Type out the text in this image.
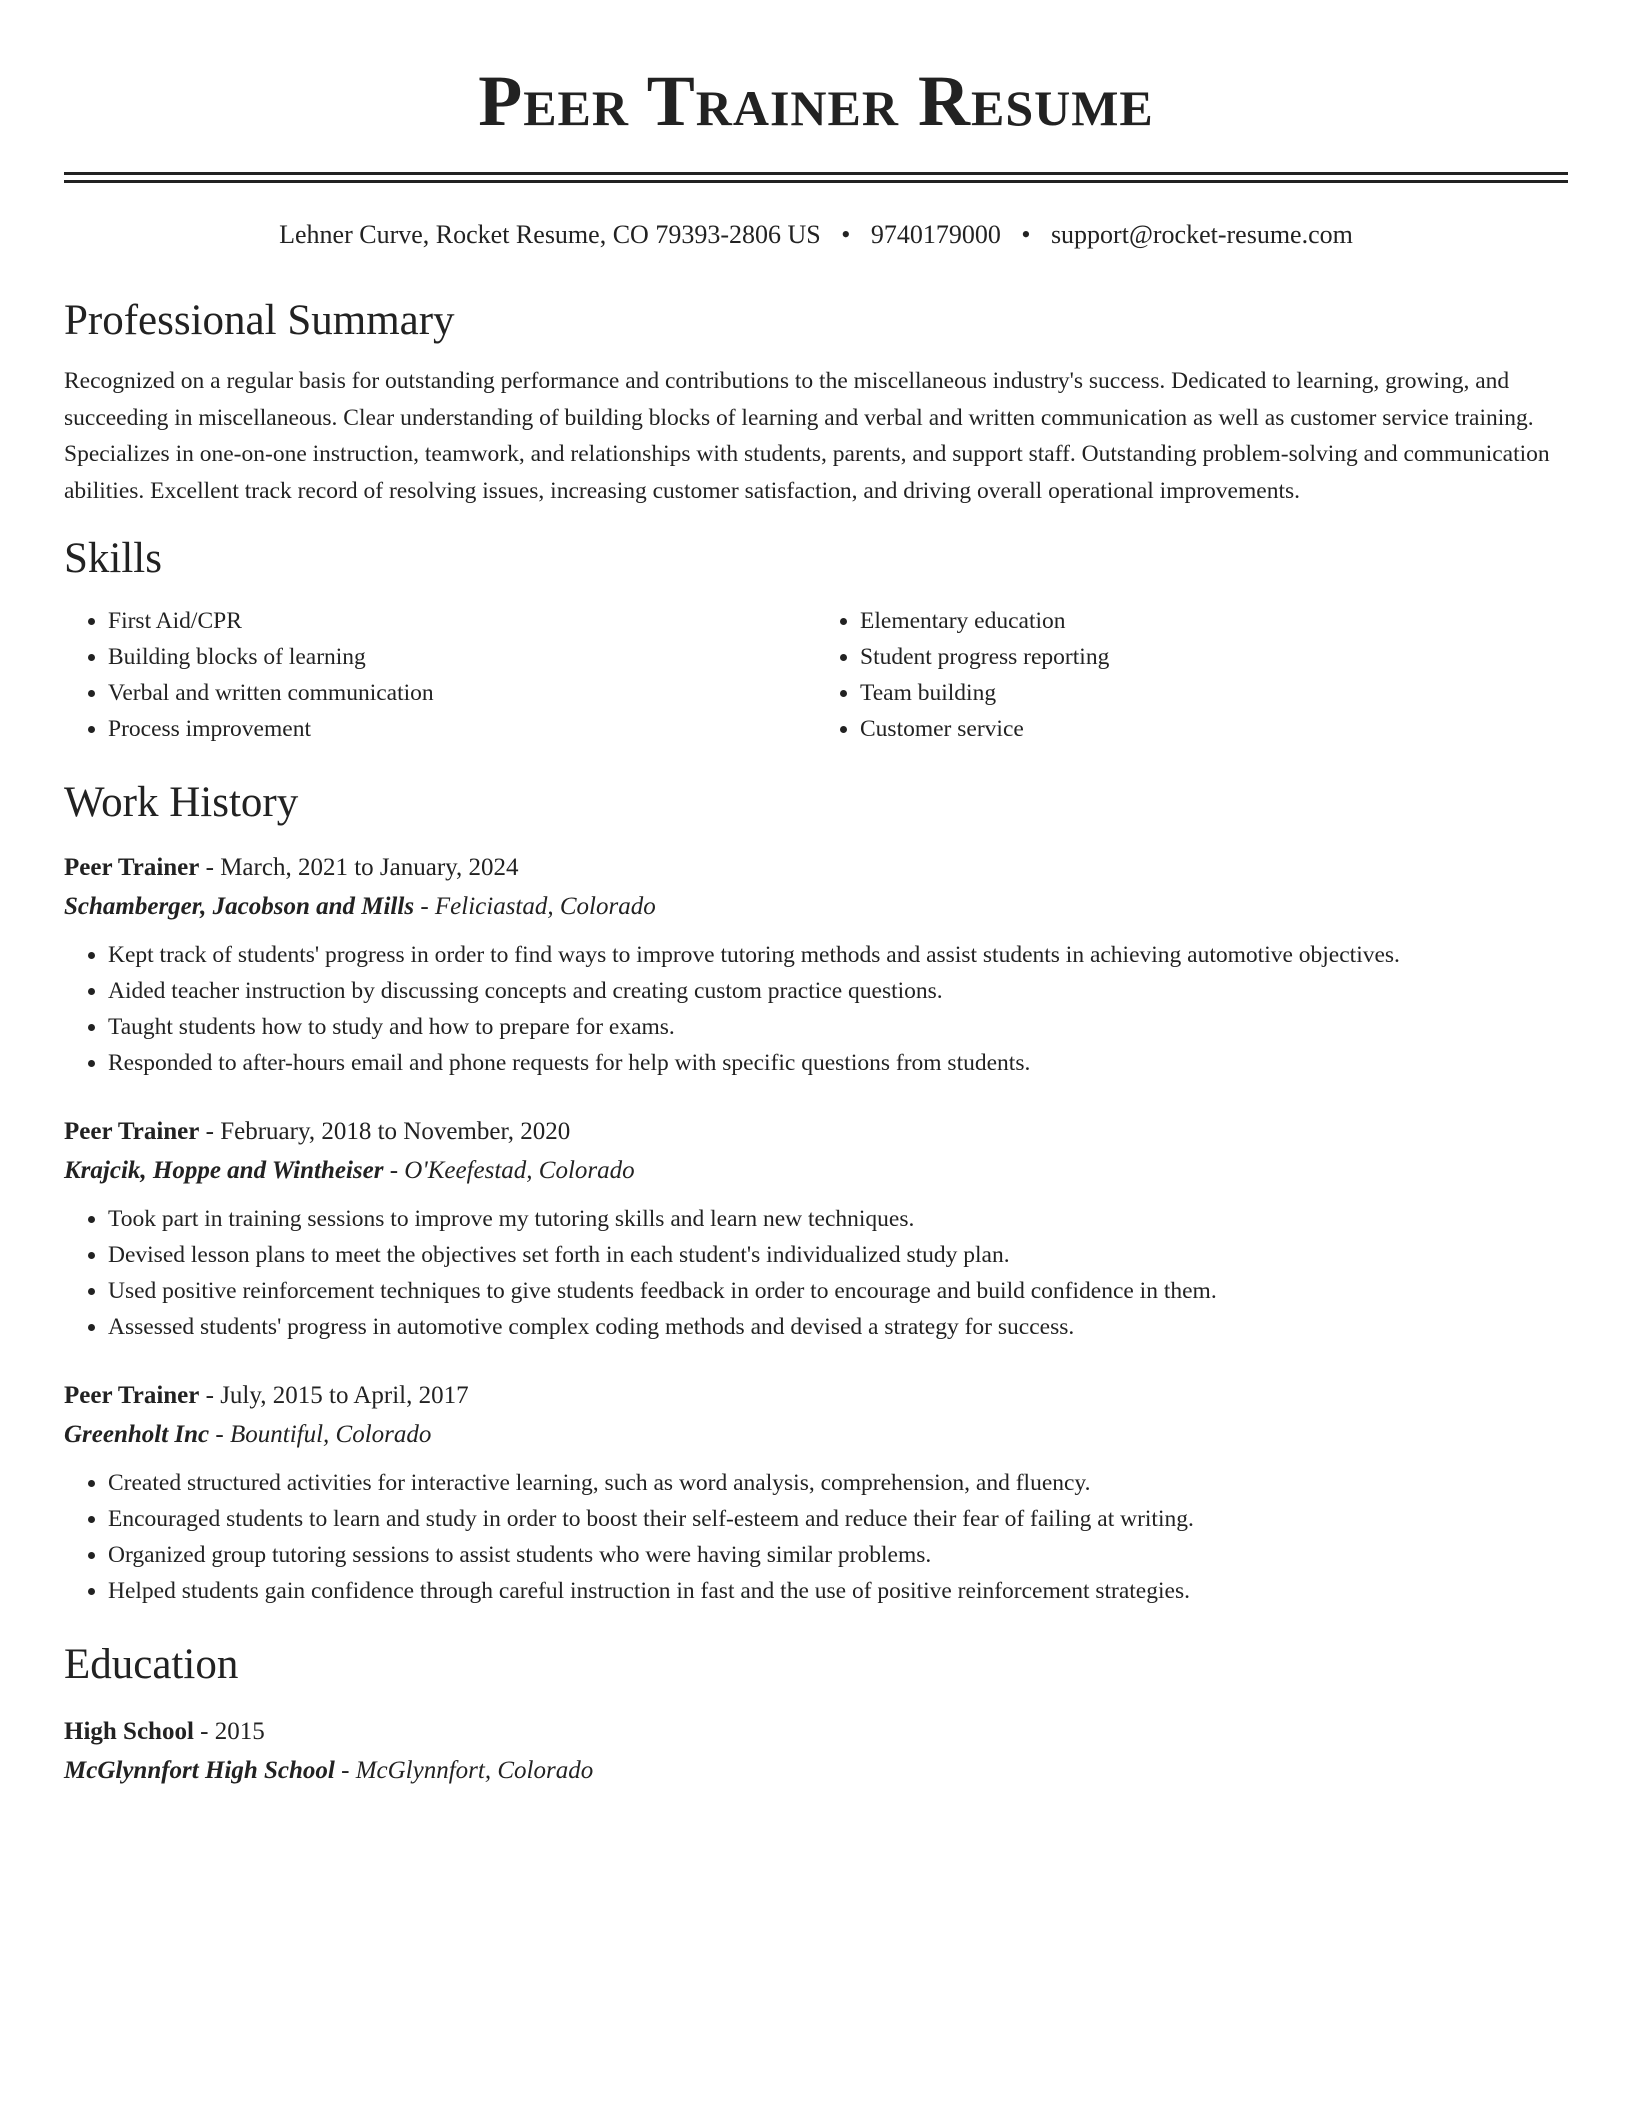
Peer Trainer Resume
Lehner Curve, Rocket Resume, CO 79393-2806 US • 9740179000 • support@rocket-resume.com
Professional Summary
Recognized on a regular basis for outstanding performance and contributions to the miscellaneous industry's success. Dedicated to learning, growing, and succeeding in miscellaneous. Clear understanding of building blocks of learning and verbal and written communication as well as customer service training. Specializes in one-on-one instruction, teamwork, and relationships with students, parents, and support staff. Outstanding problem-solving and communication abilities. Excellent track record of resolving issues, increasing customer satisfaction, and driving overall operational improvements.
Skills
• First Aid/CPR
• Building blocks of learning
• Verbal and written communication
• Process improvement
• Elementary education
• Student progress reporting
• Team building
• Customer service
Work History
Peer Trainer - March, 2021 to January, 2024
Schamberger, Jacobson and Mills - Feliciastad, Colorado
• Kept track of students' progress in order to find ways to improve tutoring methods and assist students in achieving automotive objectives.
• Aided teacher instruction by discussing concepts and creating custom practice questions.
• Taught students how to study and how to prepare for exams.
• Responded to after-hours email and phone requests for help with specific questions from students.
Peer Trainer - February, 2018 to November, 2020
Krajcik, Hoppe and Wintheiser - O'Keefestad, Colorado
• Took part in training sessions to improve my tutoring skills and learn new techniques.
• Devised lesson plans to meet the objectives set forth in each student's individualized study plan.
• Used positive reinforcement techniques to give students feedback in order to encourage and build confidence in them.
• Assessed students' progress in automotive complex coding methods and devised a strategy for success.
Peer Trainer - July, 2015 to April, 2017
Greenholt Inc - Bountiful, Colorado
• Created structured activities for interactive learning, such as word analysis, comprehension, and fluency.
• Encouraged students to learn and study in order to boost their self-esteem and reduce their fear of failing at writing.
• Organized group tutoring sessions to assist students who were having similar problems.
• Helped students gain confidence through careful instruction in fast and the use of positive reinforcement strategies.
Education
High School - 2015
McGlynnfort High School - McGlynnfort, Colorado
